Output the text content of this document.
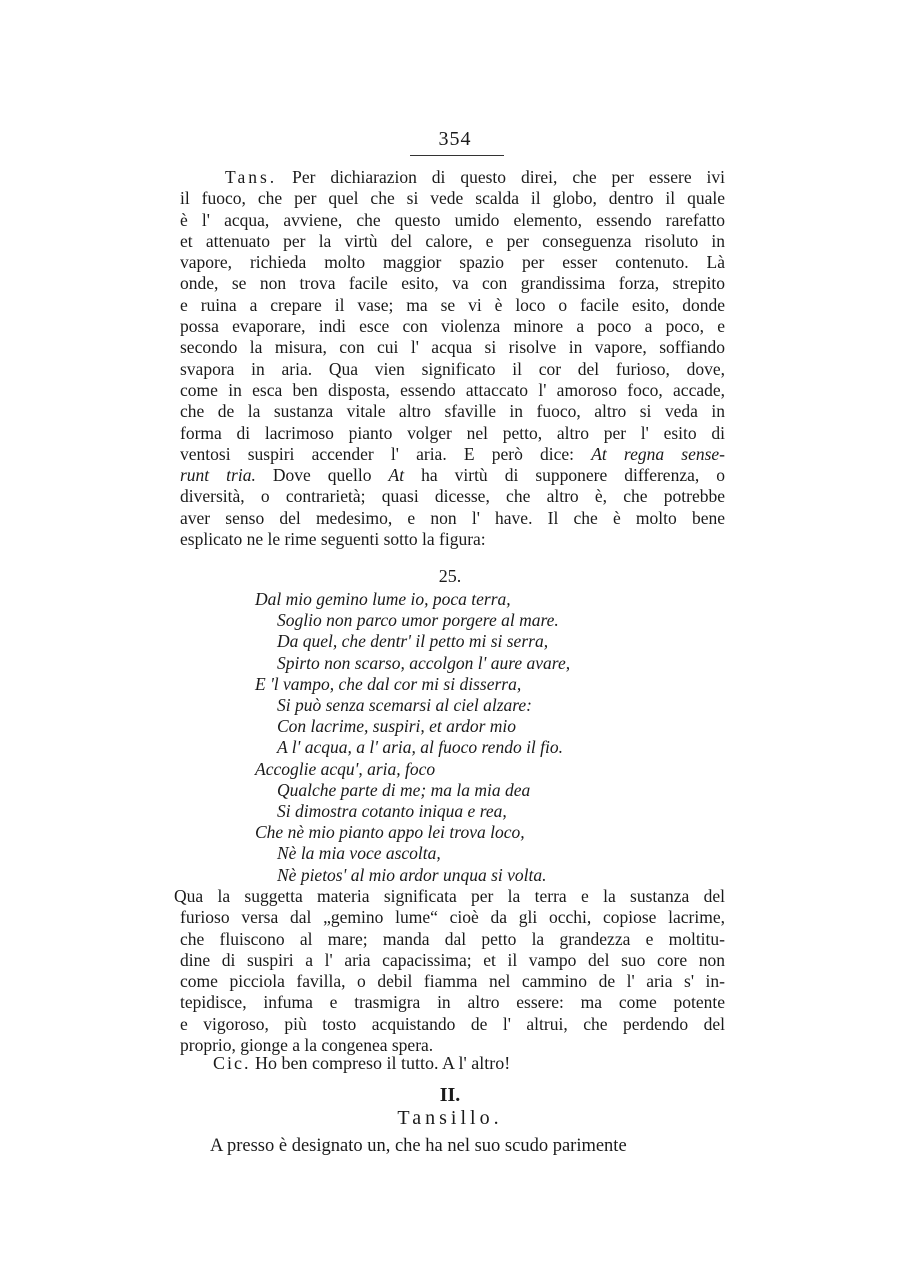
354
Tans. Per dichiarazion di questo direi, che per essere ivi
il fuoco, che per quel che si vede scalda il globo, dentro il quale
è l' acqua, avviene, che questo umido elemento, essendo rarefatto
et attenuato per la virtù del calore, e per conseguenza risoluto in
vapore, richieda molto maggior spazio per esser contenuto. Là
onde, se non trova facile esito, va con grandissima forza, strepito
e ruina a crepare il vase; ma se vi è loco o facile esito, donde
possa evaporare, indi esce con violenza minore a poco a poco, e
secondo la misura, con cui l' acqua si risolve in vapore, soffiando
svapora in aria. Qua vien significato il cor del furioso, dove,
come in esca ben disposta, essendo attaccato l' amoroso foco, accade,
che de la sustanza vitale altro sfaville in fuoco, altro si veda in
forma di lacrimoso pianto volger nel petto, altro per l' esito di
ventosi suspiri accender l' aria. E però dice: At regna sense-
runt tria. Dove quello At ha virtù di supponere differenza, o
diversità, o contrarietà; quasi dicesse, che altro è, che potrebbe
aver senso del medesimo, e non l' have. Il che è molto bene
esplicato ne le rime seguenti sotto la figura:
25.
Dal mio gemino lume io, poca terra,
Soglio non parco umor porgere al mare.
Da quel, che dentr' il petto mi si serra,
Spirto non scarso, accolgon l' aure avare,
E 'l vampo, che dal cor mi si disserra,
Si può senza scemarsi al ciel alzare:
Con lacrime, suspiri, et ardor mio
A l' acqua, a l' aria, al fuoco rendo il fio.
Accoglie acqu', aria, foco
Qualche parte di me; ma la mia dea
Si dimostra cotanto iniqua e rea,
Che nè mio pianto appo lei trova loco,
Nè la mia voce ascolta,
Nè pietos' al mio ardor unqua si volta.
Qua la suggetta materia significata per la terra e la sustanza del
furioso versa dal „gemino lume“ cioè da gli occhi, copiose lacrime,
che fluiscono al mare; manda dal petto la grandezza e moltitu-
dine di suspiri a l' aria capacissima; et il vampo del suo core non
come picciola favilla, o debil fiamma nel cammino de l' aria s' in-
tepidisce, infuma e trasmigra in altro essere: ma come potente
e vigoroso, più tosto acquistando de l' altrui, che perdendo del
proprio, gionge a la congenea spera.
Cic. Ho ben compreso il tutto. A l' altro!
II.
Tansillo.
A presso è designato un, che ha nel suo scudo parimente
